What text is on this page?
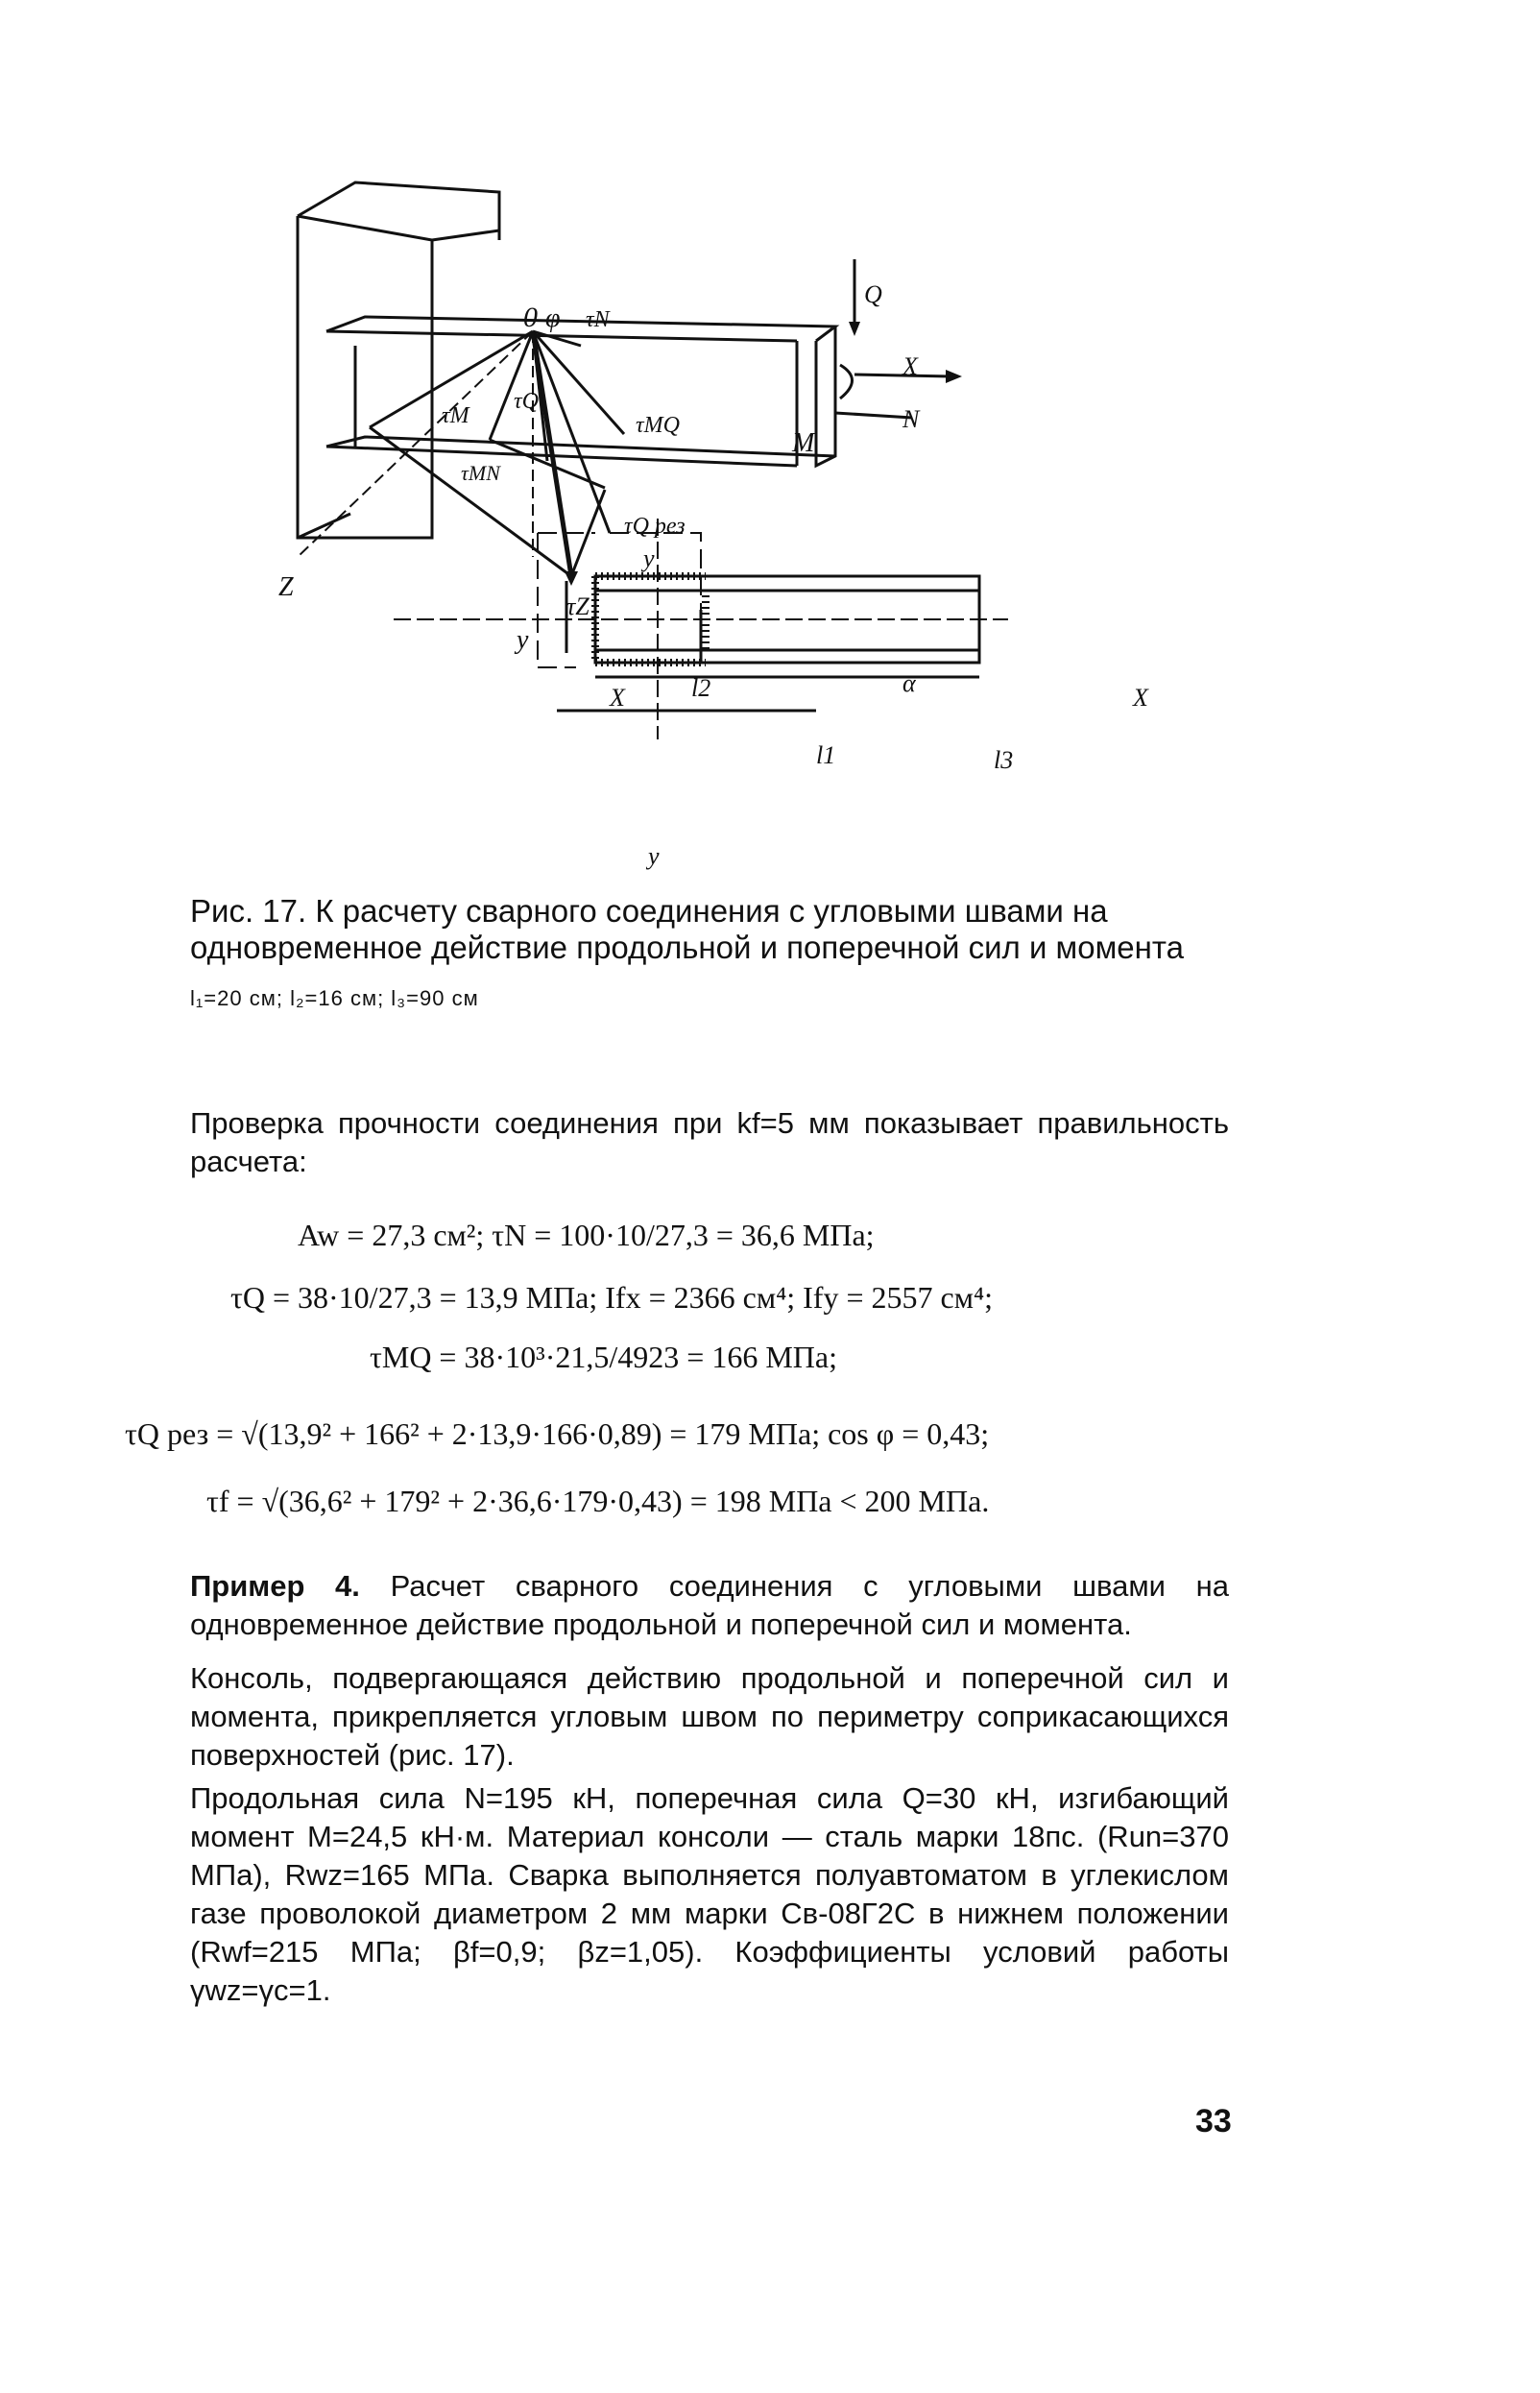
0 φ τN
τM
τQ
τMQ
τMN
τQ рез
τZ
Q
X
N
M
Z
y
y
y
X	X
l2
l1	l3
α
Рис. 17. К расчету сварного соединения с угловыми швами на одновременное действие продольной и поперечной сил и момента
l₁=20 см; l₂=16 см; l₃=90 см
Проверка прочности соединения при kf=5 мм показывает правильность расчета:
Aw = 27,3 см²; τN = 100·10/27,3 = 36,6 МПа;
τQ = 38·10/27,3 = 13,9 МПа; Ifx = 2366 см⁴; Ify = 2557 см⁴;
τMQ = 38·10³·21,5/4923 = 166 МПа;
τQ рез = √(13,9² + 166² + 2·13,9·166·0,89) = 179 МПа; cos φ = 0,43;
τf = √(36,6² + 179² + 2·36,6·179·0,43) = 198 МПа < 200 МПа.
Пример 4. Расчет сварного соединения с угловыми швами на одновременное действие продольной и поперечной сил и момента.
Консоль, подвергающаяся действию продольной и поперечной сил и момента, прикрепляется угловым швом по периметру соприкасающихся поверхностей (рис. 17).
Продольная сила N=195 кН, поперечная сила Q=30 кН, изгибающий момент M=24,5 кН·м. Материал консоли — сталь марки 18пс. (Run=370 МПа), Rwz=165 МПа. Сварка выполняется полуавтоматом в углекислом газе проволокой диаметром 2 мм марки Св-08Г2С в нижнем положении (Rwf=215 МПа; βf=0,9; βz=1,05). Коэффициенты условий работы γwz=γc=1.
33
